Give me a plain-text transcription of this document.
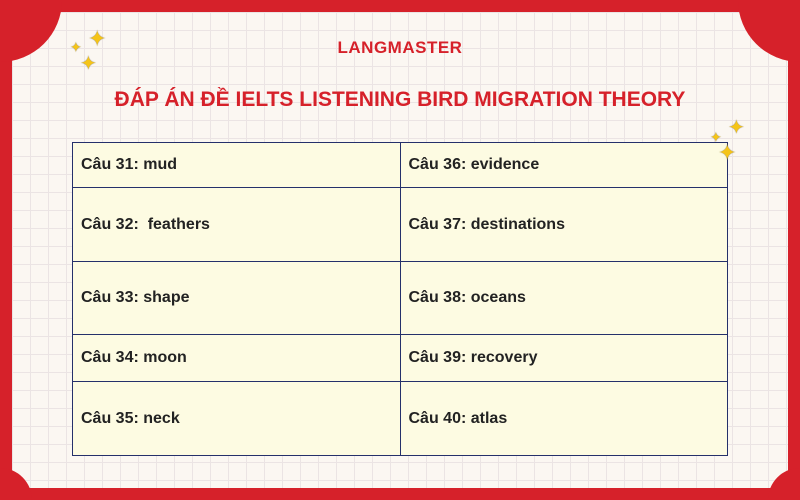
✦
✦
✦
✦
✦
✦
LANGMASTER
ĐÁP ÁN ĐỀ IELTS LISTENING BIRD MIGRATION THEORY
Câu 31: mud	Câu 36: evidence
Câu 32:  feathers	Câu 37: destinations
Câu 33: shape	Câu 38: oceans
Câu 34: moon	Câu 39: recovery
Câu 35: neck	Câu 40: atlas
